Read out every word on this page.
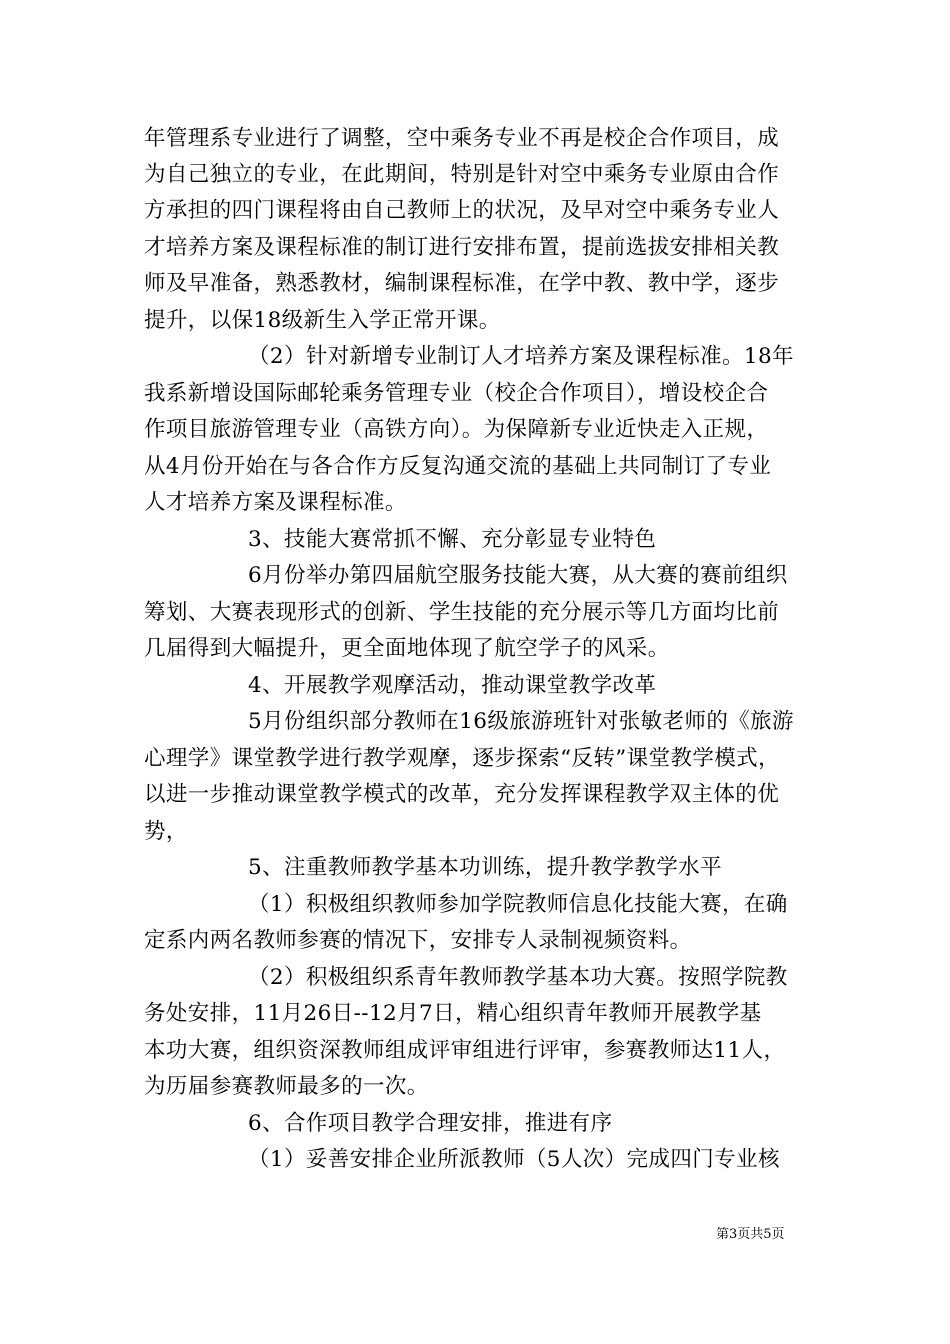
年管理系专业进行了调整，空中乘务专业不再是校企合作项目，成
为自己独立的专业，在此期间，特别是针对空中乘务专业原由合作
方承担的四门课程将由自己教师上的状况，及早对空中乘务专业人
才培养方案及课程标准的制订进行安排布置，提前选拔安排相关教
师及早准备，熟悉教材，编制课程标准，在学中教、教中学，逐步
提升，以保18级新生入学正常开课。
（2）针对新增专业制订人才培养方案及课程标准。18年
我系新增设国际邮轮乘务管理专业（校企合作项目），增设校企合
作项目旅游管理专业（高铁方向）。为保障新专业近快走入正规，
从4月份开始在与各合作方反复沟通交流的基础上共同制订了专业
人才培养方案及课程标准。
3、技能大赛常抓不懈、充分彰显专业特色
6月份举办第四届航空服务技能大赛，从大赛的赛前组织
筹划、大赛表现形式的创新、学生技能的充分展示等几方面均比前
几届得到大幅提升，更全面地体现了航空学子的风采。
4、开展教学观摩活动，推动课堂教学改革
5月份组织部分教师在16级旅游班针对张敏老师的《旅游
心理学》课堂教学进行教学观摩，逐步探索“反转”课堂教学模式，
以进一步推动课堂教学模式的改革，充分发挥课程教学双主体的优
势，
5、注重教师教学基本功训练，提升教学教学水平
（1）积极组织教师参加学院教师信息化技能大赛，在确
定系内两名教师参赛的情况下，安排专人录制视频资料。
（2）积极组织系青年教师教学基本功大赛。按照学院教
务处安排，11月26日--12月7日，精心组织青年教师开展教学基
本功大赛，组织资深教师组成评审组进行评审，参赛教师达11人，
为历届参赛教师最多的一次。
6、合作项目教学合理安排，推进有序
（1）妥善安排企业所派教师（5人次）完成四门专业核
第3页共5页
